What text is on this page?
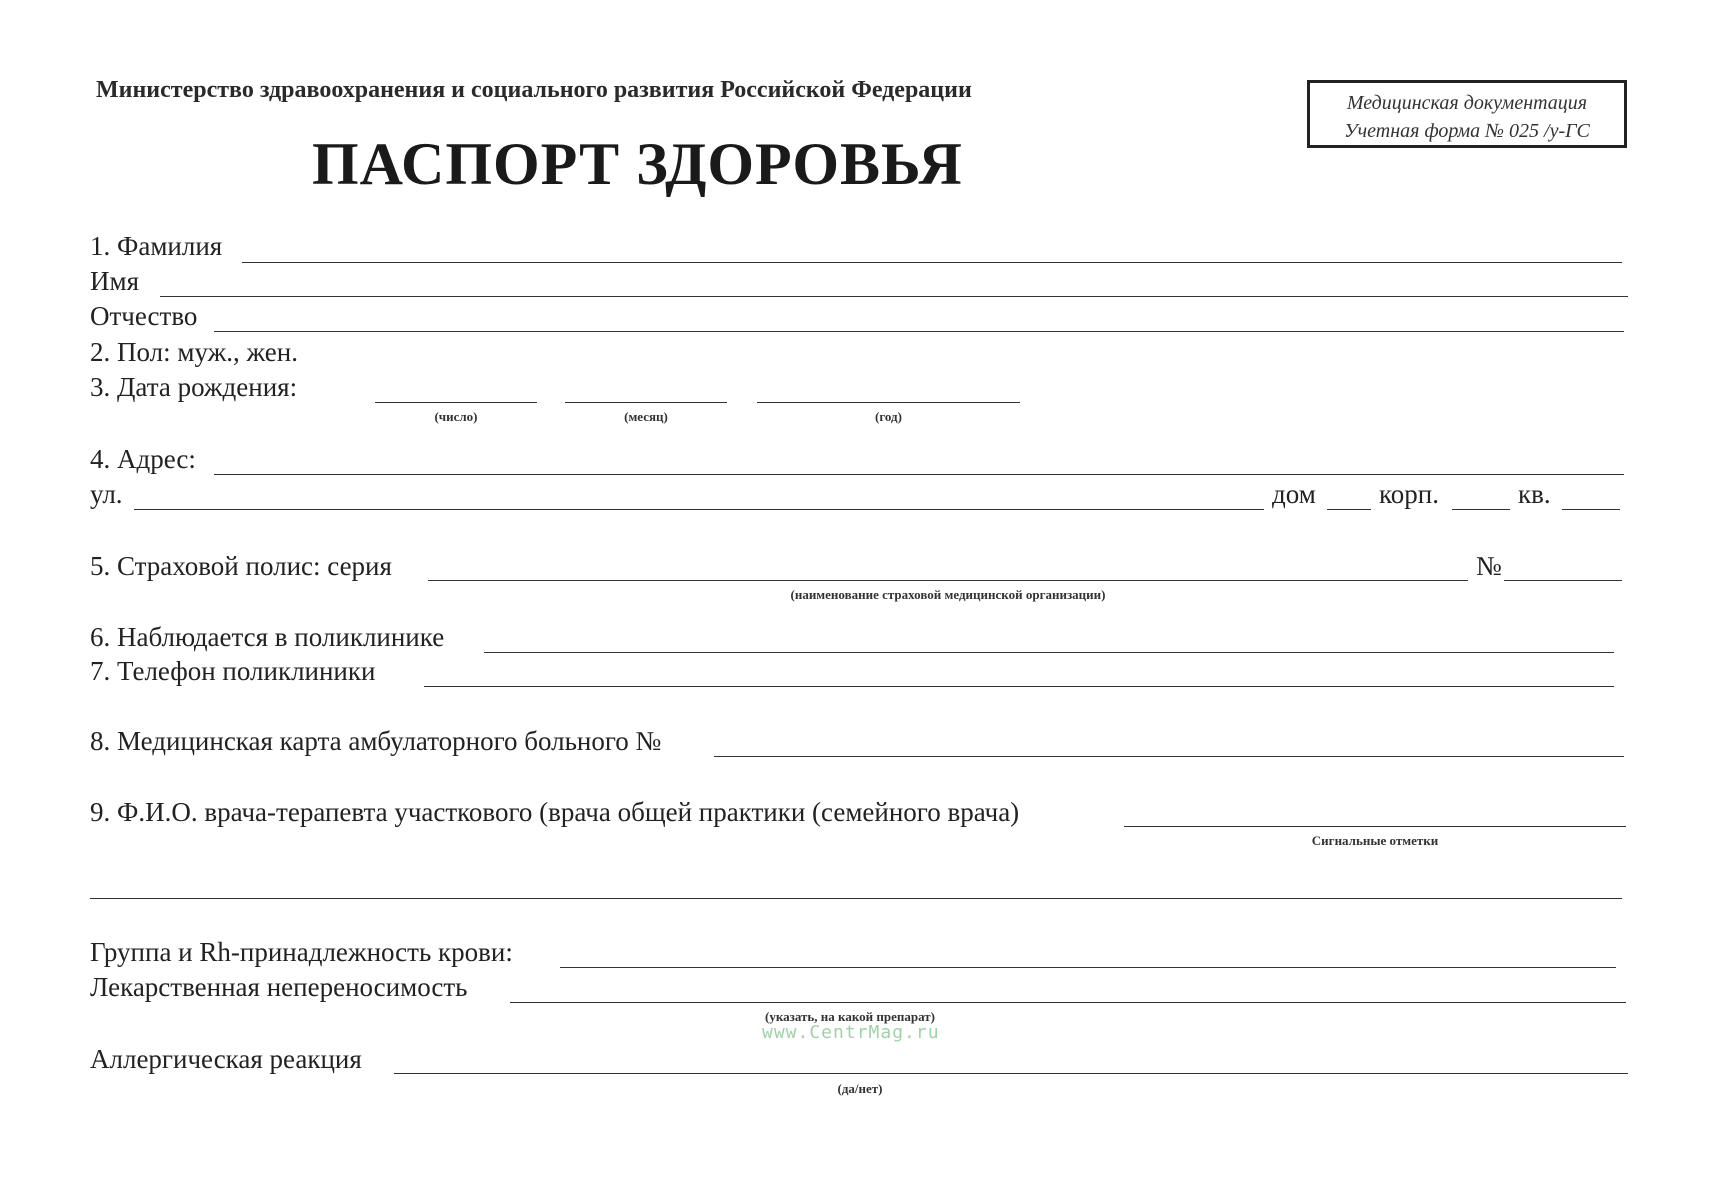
Министерство здравоохранения и социального развития Российской Федерации
ПАСПОРТ ЗДОРОВЬЯ
Медицинская документация
Учетная форма № 025 /у-ГС
1. Фамилия
Имя
Отчество
2. Пол: муж., жен.
3. Дата рождения:
(число)	(месяц)	(год)
4. Адрес:
ул.	дом корп.	кв.
5. Страховой полис: серия	№
(наименование страховой медицинской организации)
6. Наблюдается в поликлинике
7. Телефон поликлиники
8. Медицинская карта амбулаторного больного №
9. Ф.И.О. врача-терапевта участкового (врача общей практики (семейного врача)
Сигнальные отметки
Группа и Rh-принадлежность крови:
Лекарственная непереносимость
(указать, на какой препарат)
www.CentrMag.ru
Аллергическая реакция
(да/нет)
